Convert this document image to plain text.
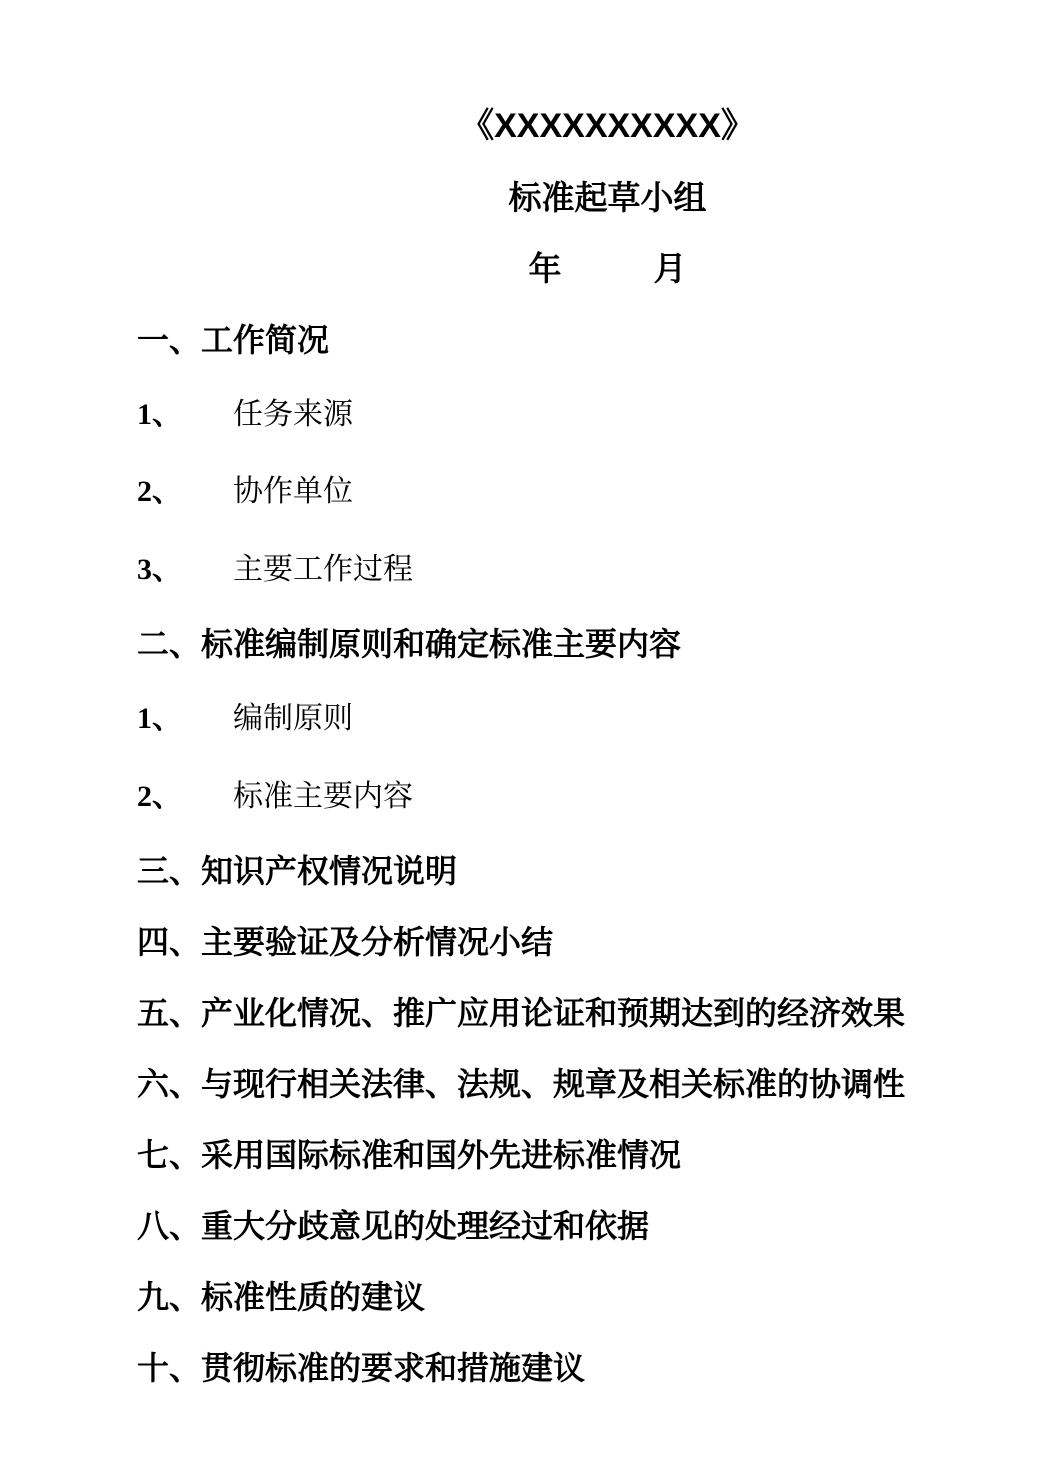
《XXXXXXXXXX》
标准起草小组
年	月
一、工作简况
1、 任务来源
2、 协作单位
3、 主要工作过程
二、标准编制原则和确定标准主要内容
1、 编制原则
2、 标准主要内容
三、知识产权情况说明
四、主要验证及分析情况小结
五、产业化情况、推广应用论证和预期达到的经济效果
六、与现行相关法律、法规、规章及相关标准的协调性
七、采用国际标准和国外先进标准情况
八、重大分歧意见的处理经过和依据
九、标准性质的建议
十、贯彻标准的要求和措施建议
